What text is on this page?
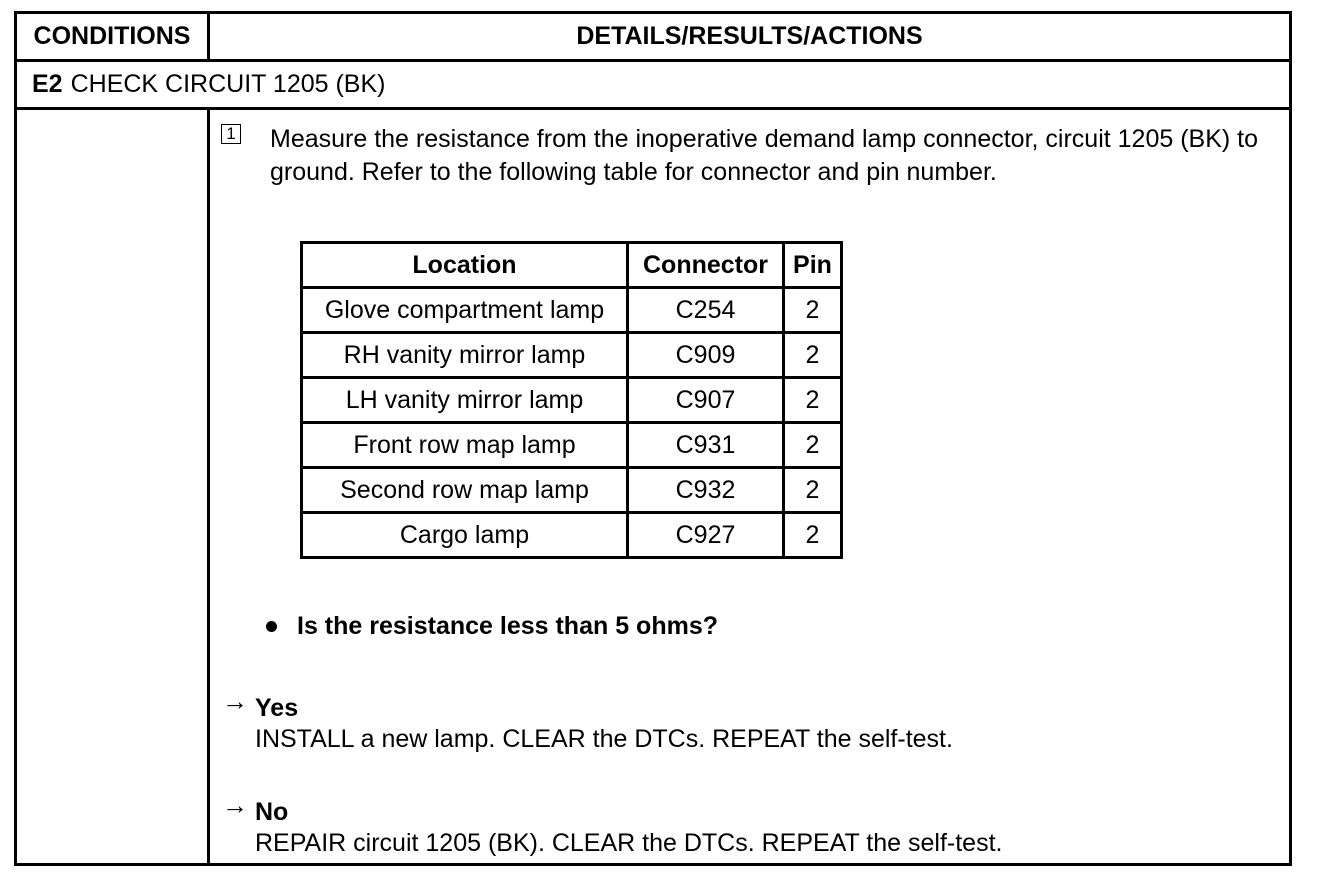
CONDITIONS	DETAILS/RESULTS/ACTIONS
E2 CHECK CIRCUIT 1205 (BK)
1 Measure the resistance from the inoperative demand lamp connector, circuit 1205 (BK) to ground. Refer to the following table for connector and pin number.
Location	Connector	Pin
Glove compartment lamp	C254	2
RH vanity mirror lamp	C909	2
LH vanity mirror lamp	C907	2
Front row map lamp	C931	2
Second row map lamp	C932	2
Cargo lamp	C927	2
Is the resistance less than 5 ohms?
→ Yes
INSTALL a new lamp. CLEAR the DTCs. REPEAT the self-test.
→ No
REPAIR circuit 1205 (BK). CLEAR the DTCs. REPEAT the self-test.
